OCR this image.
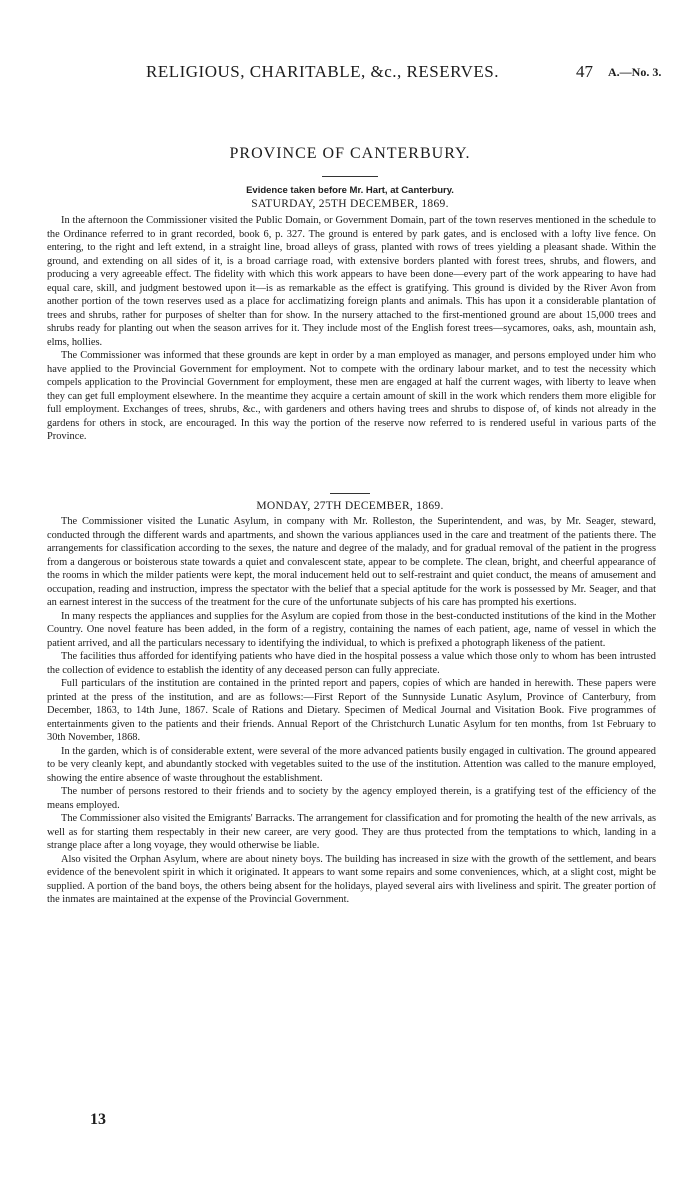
RELIGIOUS, CHARITABLE, &c., RESERVES.	47 A.—No. 3.
PROVINCE OF CANTERBURY.
Evidence taken before Mr. Hart, at Canterbury.
SATURDAY, 25TH DECEMBER, 1869.

In the afternoon the Commissioner visited the Public Domain, or Government Domain, part of the town reserves mentioned in the schedule to the Ordinance referred to in grant recorded, book 6, p. 327. The ground is entered by park gates, and is enclosed with a lofty live fence. On entering, to the right and left extend, in a straight line, broad alleys of grass, planted with rows of trees yielding a pleasant shade. Within the ground, and extending on all sides of it, is a broad carriage road, with extensive borders planted with forest trees, shrubs, and flowers, and producing a very agreeable effect. The fidelity with which this work appears to have been done—every part of the work appearing to have had equal care, skill, and judgment bestowed upon it—is as remarkable as the effect is gratifying. This ground is divided by the River Avon from another portion of the town reserves used as a place for acclimatizing foreign plants and animals. This has upon it a considerable plantation of trees and shrubs, rather for purposes of shelter than for show. In the nursery attached to the first-mentioned ground are about 15,000 trees and shrubs ready for planting out when the season arrives for it. They include most of the English forest trees—sycamores, oaks, ash, mountain ash, elms, hollies.

The Commissioner was informed that these grounds are kept in order by a man employed as manager, and persons employed under him who have applied to the Provincial Government for employment. Not to compete with the ordinary labour market, and to test the necessity which compels application to the Provincial Government for employment, these men are engaged at half the current wages, with liberty to leave when they can get full employment elsewhere. In the meantime they acquire a certain amount of skill in the work which renders them more eligible for full employment. Exchanges of trees, shrubs, &c., with gardeners and others having trees and shrubs to dispose of, of kinds not already in the gardens for others in stock, are encouraged. In this way the portion of the reserve now referred to is rendered useful in various parts of the Province.

MONDAY, 27TH DECEMBER, 1869.

The Commissioner visited the Lunatic Asylum, in company with Mr. Rolleston, the Superintendent, and was, by Mr. Seager, steward, conducted through the different wards and apartments, and shown the various appliances used in the care and treatment of the patients there. The arrangements for classification according to the sexes, the nature and degree of the malady, and for gradual removal of the patient in the progress from a dangerous or boisterous state towards a quiet and convalescent state, appear to be complete. The clean, bright, and cheerful appearance of the rooms in which the milder patients were kept, the moral inducement held out to self-restraint and quiet conduct, the means of amusement and occupation, reading and instruction, impress the spectator with the belief that a special aptitude for the work is possessed by Mr. Seager, and that an earnest interest in the success of the treatment for the cure of the unfortunate subjects of his care has prompted his exertions.

In many respects the appliances and supplies for the Asylum are copied from those in the best-conducted institutions of the kind in the Mother Country. One novel feature has been added, in the form of a registry, containing the names of each patient, age, name of vessel in which the patient arrived, and all the particulars necessary to identifying the individual, to which is prefixed a photograph likeness of the patient.

The facilities thus afforded for identifying patients who have died in the hospital possess a value which those only to whom has been intrusted the collection of evidence to establish the identity of any deceased person can fully appreciate.

Full particulars of the institution are contained in the printed report and papers, copies of which are handed in herewith. These papers were printed at the press of the institution, and are as follows:—First Report of the Sunnyside Lunatic Asylum, Province of Canterbury, from December, 1863, to 14th June, 1867. Scale of Rations and Dietary. Specimen of Medical Journal and Visitation Book. Five programmes of entertainments given to the patients and their friends. Annual Report of the Christchurch Lunatic Asylum for ten months, from 1st February to 30th November, 1868.

In the garden, which is of considerable extent, were several of the more advanced patients busily engaged in cultivation. The ground appeared to be very cleanly kept, and abundantly stocked with vegetables suited to the use of the institution. Attention was called to the manure employed, showing the entire absence of waste throughout the establishment.

The number of persons restored to their friends and to society by the agency employed therein, is a gratifying test of the efficiency of the means employed.

The Commissioner also visited the Emigrants' Barracks. The arrangement for classification and for promoting the health of the new arrivals, as well as for starting them respectably in their new career, are very good. They are thus protected from the temptations to which, landing in a strange place after a long voyage, they would otherwise be liable.

Also visited the Orphan Asylum, where are about ninety boys. The building has increased in size with the growth of the settlement, and bears evidence of the benevolent spirit in which it originated. It appears to want some repairs and some conveniences, which, at a slight cost, might be supplied. A portion of the band boys, the others being absent for the holidays, played several airs with liveliness and spirit. The greater portion of the inmates are maintained at the expense of the Provincial Government.

13
